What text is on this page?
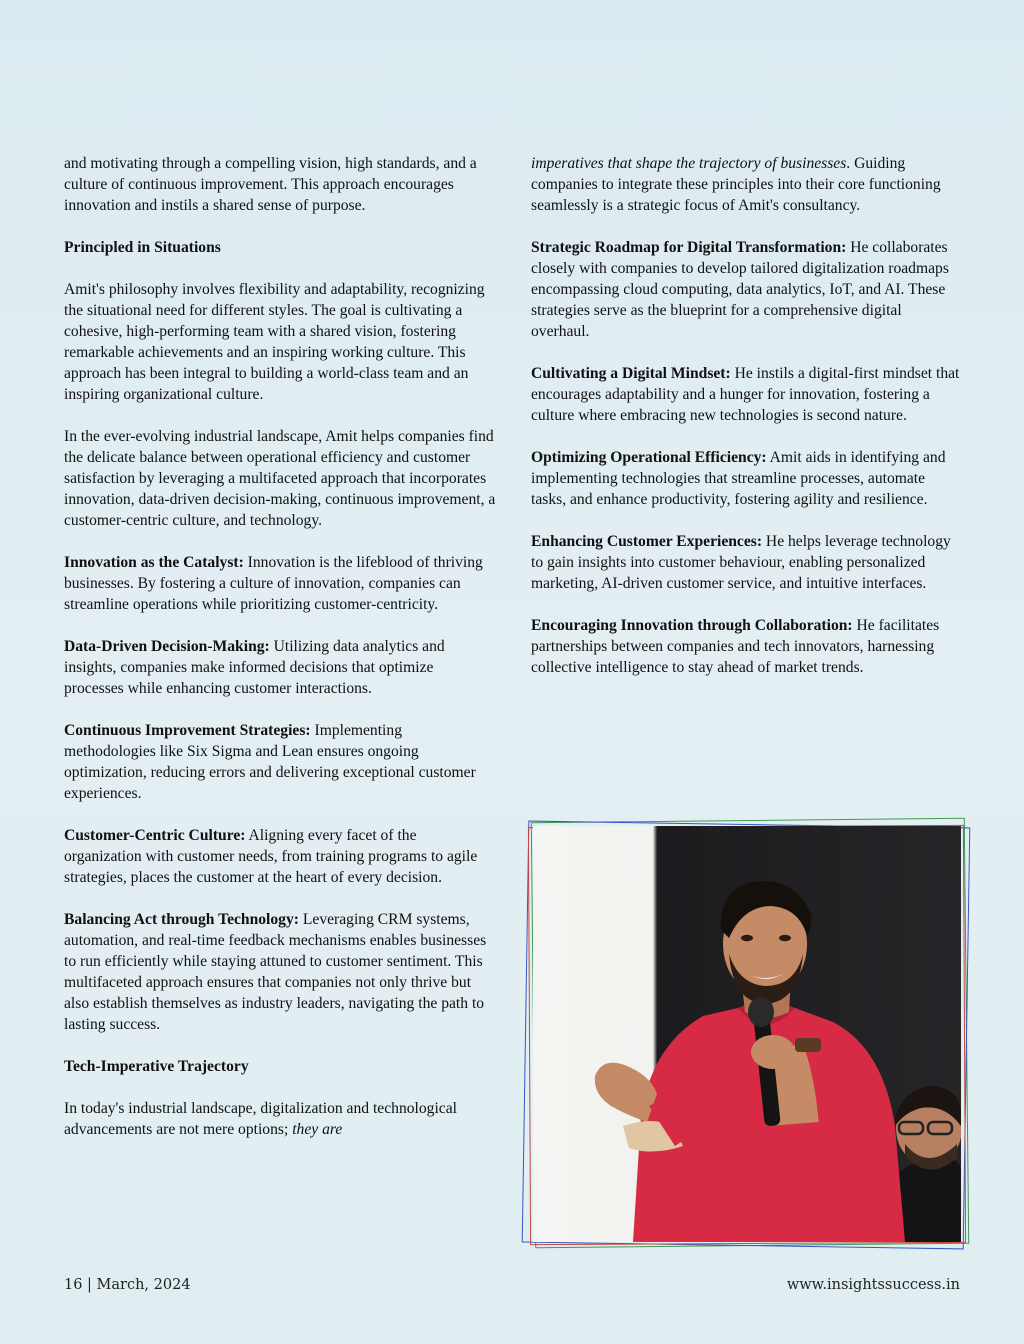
and motivating through a compelling vision, high standards, and a culture of continuous improvement. This approach encourages innovation and instils a shared sense of purpose.

Principled in Situations

Amit's philosophy involves flexibility and adaptability, recognizing the situational need for different styles. The goal is cultivating a cohesive, high-performing team with a shared vision, fostering remarkable achievements and an inspiring working culture. This approach has been integral to building a world-class team and an inspiring organizational culture.

In the ever-evolving industrial landscape, Amit helps companies find the delicate balance between operational efficiency and customer satisfaction by leveraging a multifaceted approach that incorporates innovation, data-driven decision-making, continuous improvement, a customer-centric culture, and technology.

Innovation as the Catalyst: Innovation is the lifeblood of thriving businesses. By fostering a culture of innovation, companies can streamline operations while prioritizing customer-centricity.

Data-Driven Decision-Making: Utilizing data analytics and insights, companies make informed decisions that optimize processes while enhancing customer interactions.

Continuous Improvement Strategies: Implementing methodologies like Six Sigma and Lean ensures ongoing optimization, reducing errors and delivering exceptional customer experiences.

Customer-Centric Culture: Aligning every facet of the organization with customer needs, from training programs to agile strategies, places the customer at the heart of every decision.

Balancing Act through Technology: Leveraging CRM systems, automation, and real-time feedback mechanisms enables businesses to run efficiently while staying attuned to customer sentiment. This multifaceted approach ensures that companies not only thrive but also establish themselves as industry leaders, navigating the path to lasting success.

Tech-Imperative Trajectory

In today's industrial landscape, digitalization and technological advancements are not mere options; they are

imperatives that shape the trajectory of businesses. Guiding companies to integrate these principles into their core functioning seamlessly is a strategic focus of Amit's consultancy.

Strategic Roadmap for Digital Transformation: He collaborates closely with companies to develop tailored digitalization roadmaps encompassing cloud computing, data analytics, IoT, and AI. These strategies serve as the blueprint for a comprehensive digital overhaul.

Cultivating a Digital Mindset: He instils a digital-first mindset that encourages adaptability and a hunger for innovation, fostering a culture where embracing new technologies is second nature.

Optimizing Operational Efficiency: Amit aids in identifying and implementing technologies that streamline processes, automate tasks, and enhance productivity, fostering agility and resilience.

Enhancing Customer Experiences: He helps leverage technology to gain insights into customer behaviour, enabling personalized marketing, AI-driven customer service, and intuitive interfaces.

Encouraging Innovation through Collaboration: He facilitates partnerships between companies and tech innovators, harnessing collective intelligence to stay ahead of market trends.

16 | March, 2024	www.insightssuccess.in
